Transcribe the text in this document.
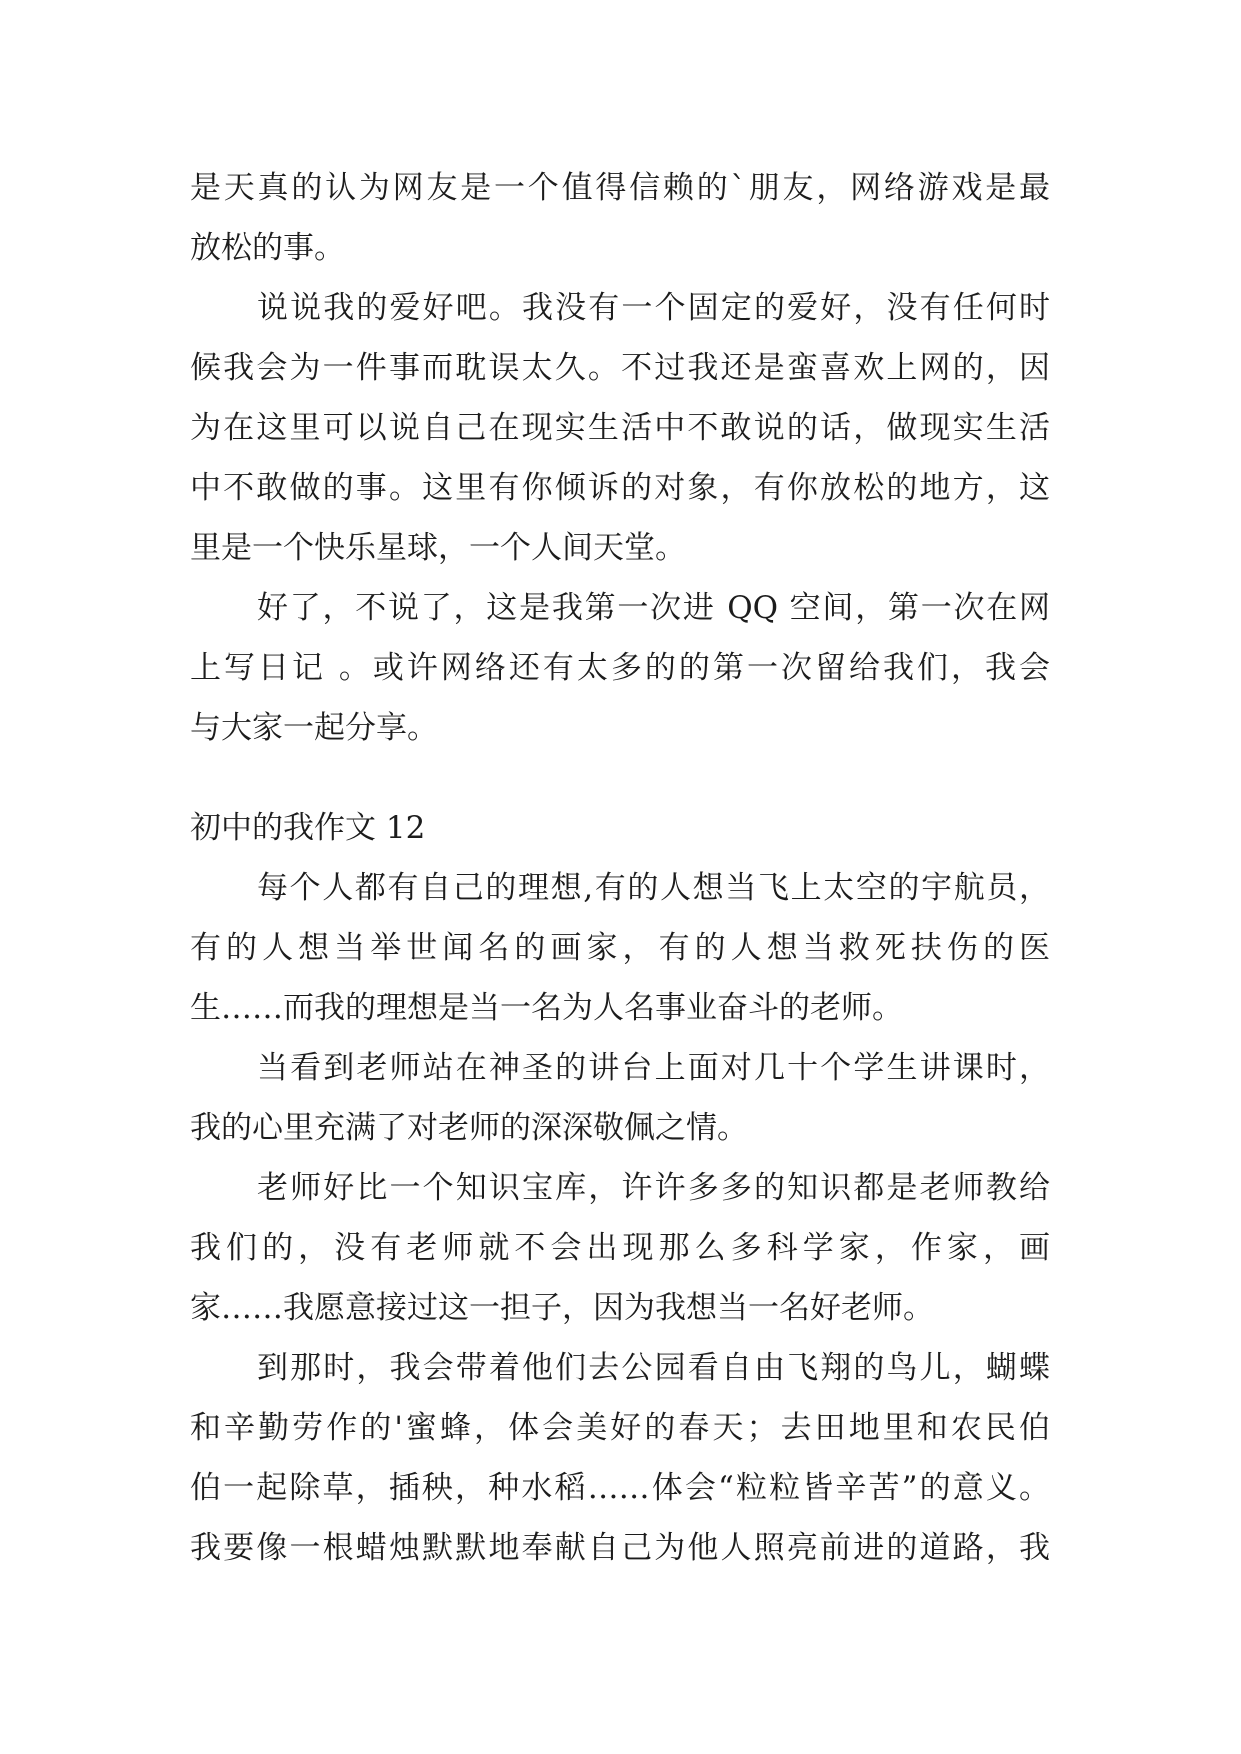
是天真的认为网友是一个值得信赖的`朋友，网络游戏是最
放松的事。
说说我的爱好吧。我没有一个固定的爱好，没有任何时
候我会为一件事而耽误太久。不过我还是蛮喜欢上网的，因
为在这里可以说自己在现实生活中不敢说的话，做现实生活
中不敢做的事。这里有你倾诉的对象，有你放松的地方，这
里是一个快乐星球，一个人间天堂。
好了，不说了，这是我第一次进 QQ 空间，第一次在网
上写日记 。或许网络还有太多的的第一次留给我们，我会
与大家一起分享。
初中的我作文 12
每个人都有自己的理想,有的人想当飞上太空的宇航员，
有的人想当举世闻名的画家，有的人想当救死扶伤的医
生……而我的理想是当一名为人名事业奋斗的老师。
当看到老师站在神圣的讲台上面对几十个学生讲课时，
我的心里充满了对老师的深深敬佩之情。
老师好比一个知识宝库，许许多多的知识都是老师教给
我们的，没有老师就不会出现那么多科学家，作家，画
家……我愿意接过这一担子，因为我想当一名好老师。
到那时，我会带着他们去公园看自由飞翔的鸟儿，蝴蝶
和辛勤劳作的'蜜蜂，体会美好的春天；去田地里和农民伯
伯一起除草，插秧，种水稻……体会“粒粒皆辛苦”的意义。
我要像一根蜡烛默默地奉献自己为他人照亮前进的道路，我
